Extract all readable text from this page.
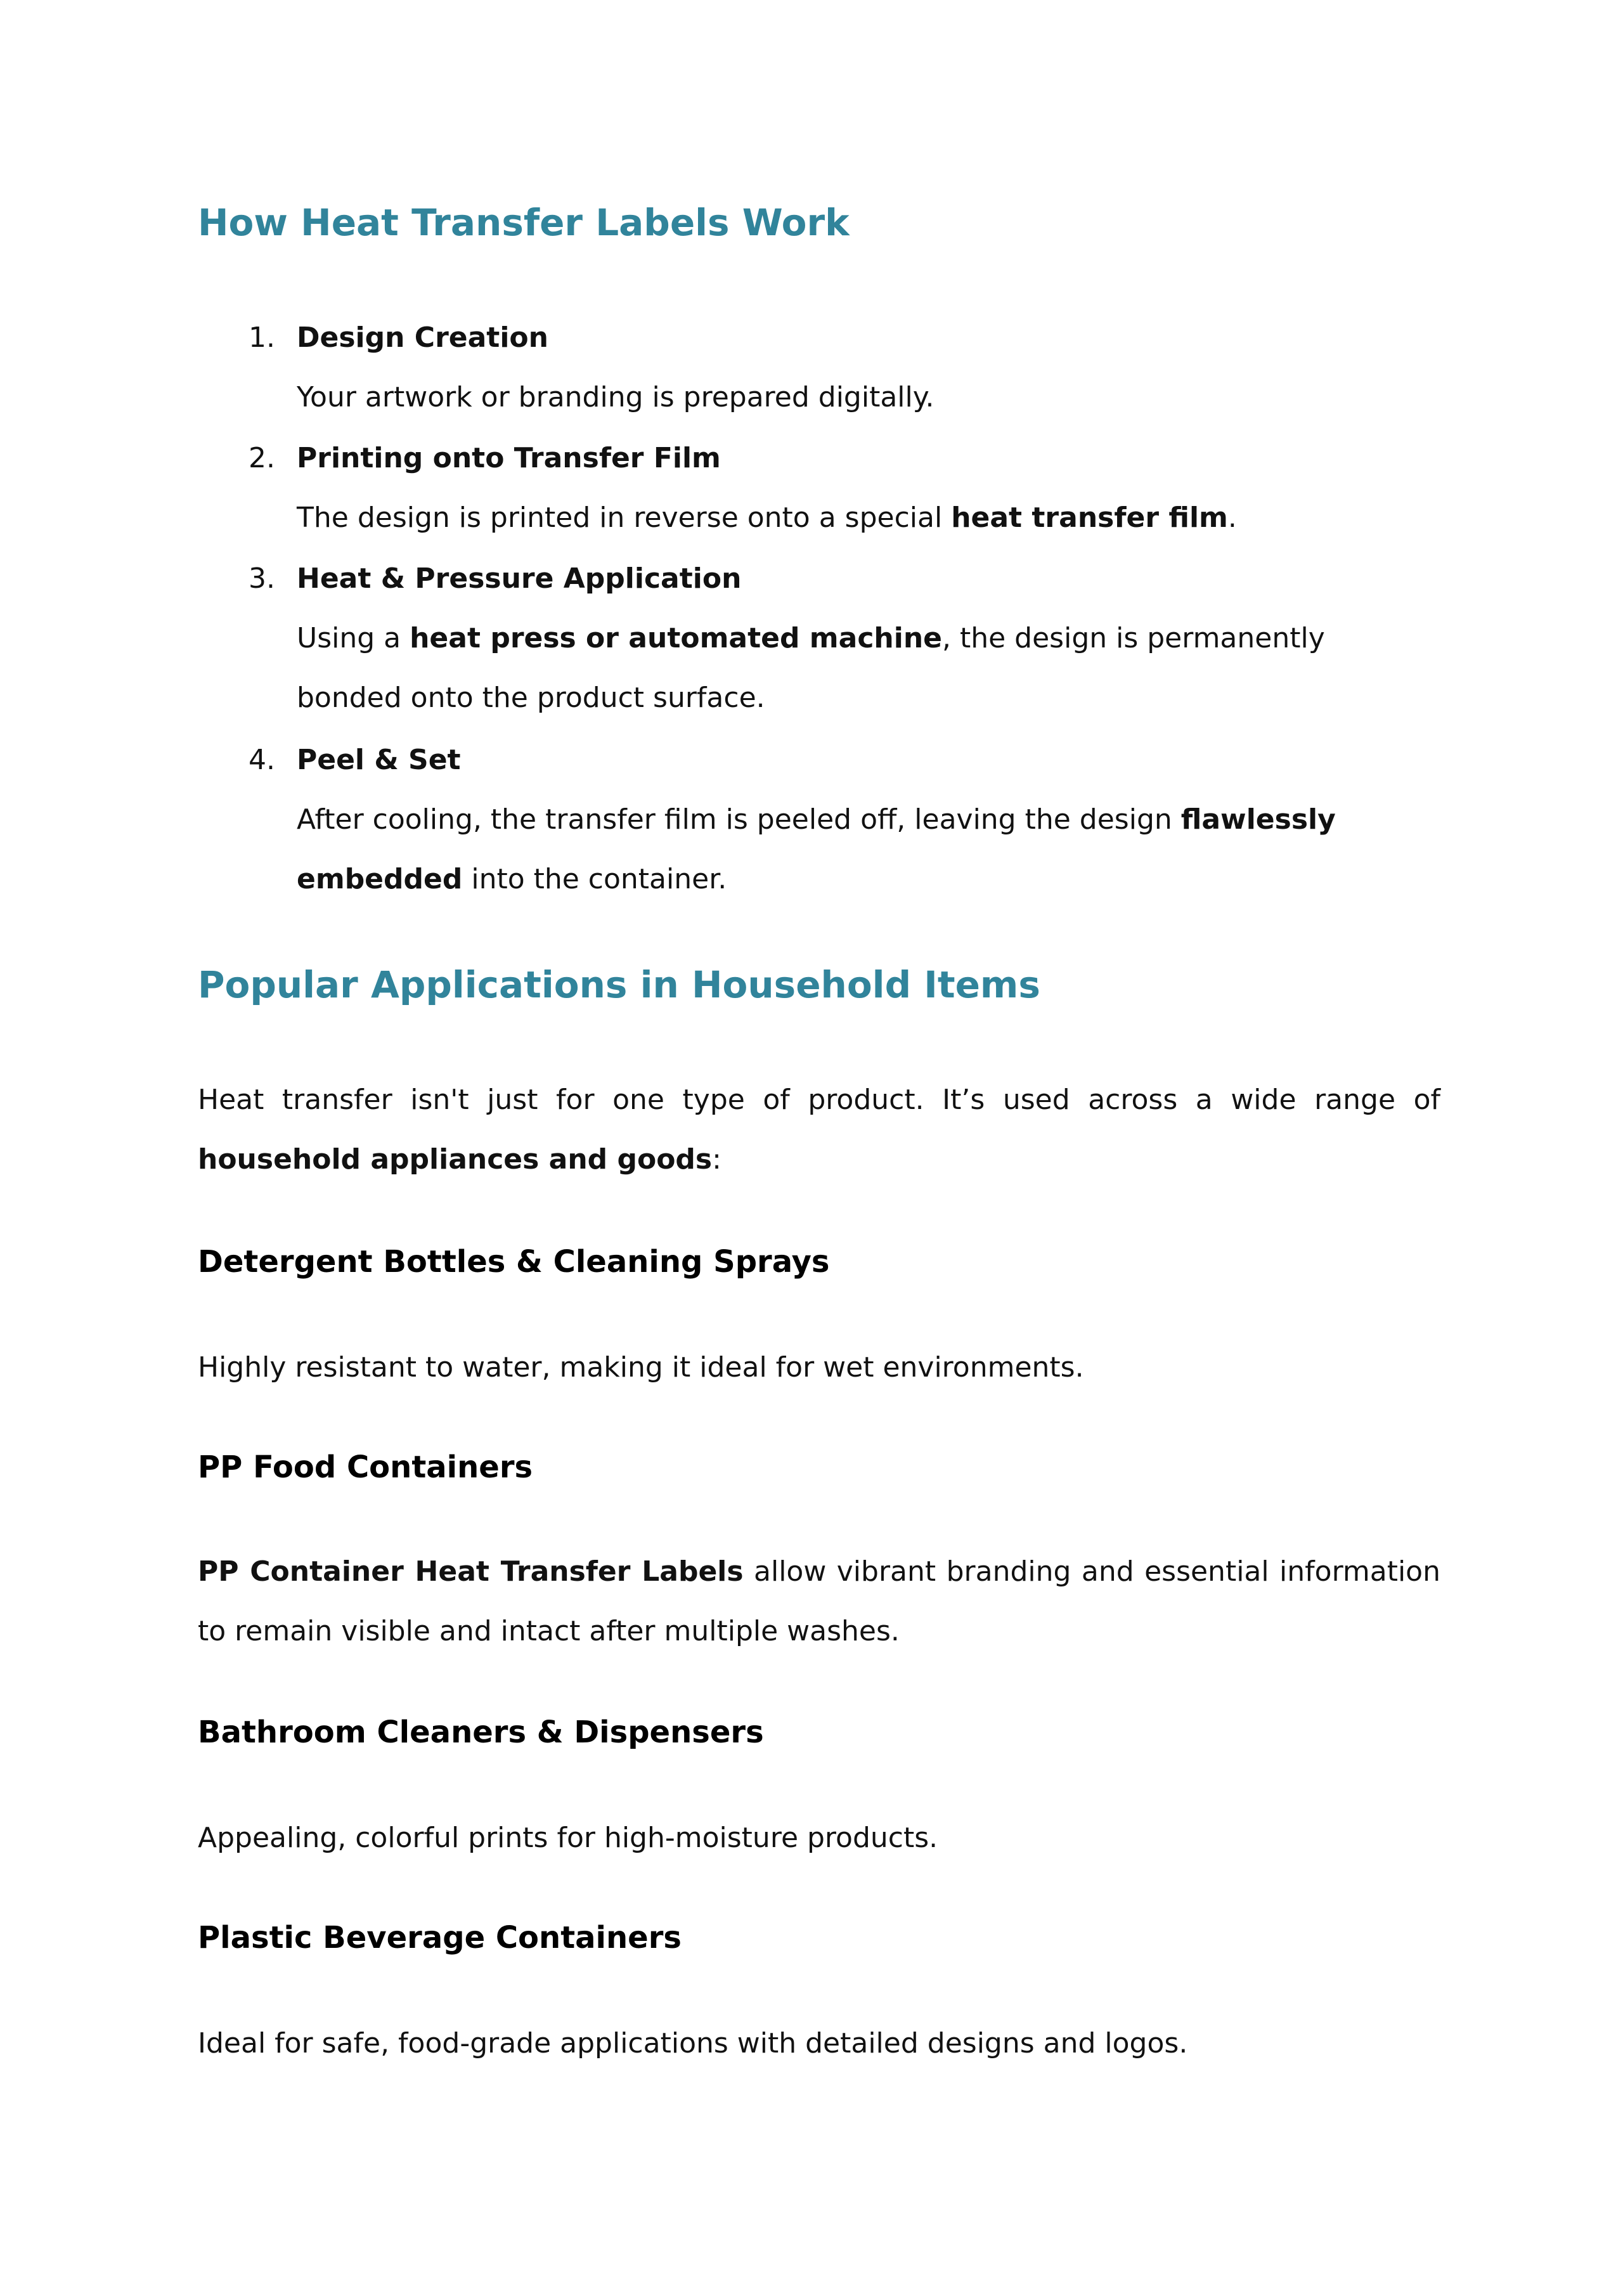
How Heat Transfer Labels Work
1. Design Creation
Your artwork or branding is prepared digitally.
2. Printing onto Transfer Film
The design is printed in reverse onto a special heat transfer film.
3. Heat & Pressure Application
Using a heat press or automated machine, the design is permanently bonded onto the product surface.
4. Peel & Set
After cooling, the transfer film is peeled off, leaving the design flawlessly embedded into the container.
Popular Applications in Household Items

Heat transfer isn't just for one type of product. It’s used across a wide range of household appliances and goods:

Detergent Bottles & Cleaning Sprays

Highly resistant to water, making it ideal for wet environments.

PP Food Containers

PP Container Heat Transfer Labels allow vibrant branding and essential information to remain visible and intact after multiple washes.

Bathroom Cleaners & Dispensers

Appealing, colorful prints for high-moisture products.

Plastic Beverage Containers

Ideal for safe, food-grade applications with detailed designs and logos.
